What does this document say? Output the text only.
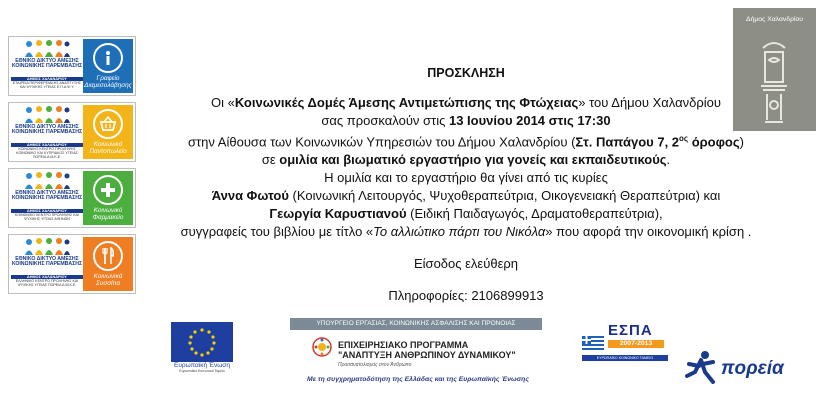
ΕΘΝΙΚΟ ΔΙΚΤΥΟ ΑΜΕΣΗΣ ΚΟΙΝΩΝΙΚΗΣ ΠΑΡΕΜΒΑΣΗΣ
ΔΗΜΟΣ ΧΑΛΑΝΔΡΙΟΥ
ΕΤΑΙΡΕΙΑ ΠΕΡΙΦΕΡΕΙΑΚΗΣ ΑΝΑΠΤΥΞΗΣ ΚΑΙ ΨΥΧΙΚΗΣ ΥΓΕΙΑΣ Ε.Π.Α.Ψ.Υ.
Γραφείο Διαμεσολάβησης
ΕΘΝΙΚΟ ΔΙΚΤΥΟ ΑΜΕΣΗΣ ΚΟΙΝΩΝΙΚΗΣ ΠΑΡΕΜΒΑΣΗΣ
ΔΗΜΟΣ ΧΑΛΑΝΔΡΙΟΥ
ΚΟΙΝΩΝΙΚΟ ΚΕΝΤΡΟ ΠΡΟΛΗΨΗΣ ΚΟΙΝΩΝΙΚΟ ΚΑΙ ΚΥΠΡΙΑΚΟΣ ΥΓΕΙΑΣ ΠΟΡΕΙΑ Α.Μ.Κ.Ε.
Κοινωνικό Παντοπωλείο
ΕΘΝΙΚΟ ΔΙΚΤΥΟ ΑΜΕΣΗΣ ΚΟΙΝΩΝΙΚΗΣ ΠΑΡΕΜΒΑΣΗΣ
ΔΗΜΟΣ ΧΑΛΑΝΔΡΙΟΥ
ΚΟΙΝΩΝΙΚΟ ΚΕΝΤΡΟ ΠΡΟΛΗΨΗΣ ΚΑΙ ΨΥΧΙΚΗΣ ΥΓΕΙΑΣ ΑΘΗΝΩΝ
Κοινωνικό Φαρμακείο
ΕΘΝΙΚΟ ΔΙΚΤΥΟ ΑΜΕΣΗΣ ΚΟΙΝΩΝΙΚΗΣ ΠΑΡΕΜΒΑΣΗΣ
ΔΗΜΟΣ ΧΑΛΑΝΔΡΙΟΥ
ΕΛΛΗΝΙΚΟ ΚΕΝΤΡΟ ΠΡΟΛΗΨΗΣ ΚΑΙ ΨΥΧΙΚΗΣ ΥΓΕΙΑΣ ΠΟΡΕΙΑ Α.Μ.Κ.Ε.
Κοινωνικά Συσσίτια
Δήμος Χαλανδρίου

ΠΡΟΣΚΛΗΣΗ

Οι «Κοινωνικές Δομές Άμεσης Αντιμετώπισης της Φτώχειας» του Δήμου Χαλανδρίου

σας προσκαλούν στις 13 Ιουνίου 2014 στις 17:30

στην Αίθουσα των Κοινωνικών Υπηρεσιών του Δήμου Χαλανδρίου (Στ. Παπάγου 7, $2^{o\varsigma}$ όροφος)

σε ομιλία και βιωματικό εργαστήριο για γονείς και εκπαιδευτικούς.

Η ομιλία και το εργαστήριο θα γίνει από τις κυρίες

Άννα Φωτού (Κοινωνική Λειτουργός, Ψυχοθεραπεύτρια, Οικογενειακή Θεραπεύτρια) και

Γεωργία Καρυστιανού (Ειδική Παιδαγωγός, Δραματοθεραπεύτρια),

συγγραφείς του βιβλίου με τίτλο «Το αλλιώτικο πάρτι του Νικόλα» που αφορά την οικονομική κρίση .

Είσοδος ελεύθερη

Πληροφορίες: 2106899913

Ευρωπαϊκή Ένωση
Ευρωπαϊκό Κοινωνικό Ταμείο
ΥΠΟΥΡΓΕΙΟ ΕΡΓΑΣΙΑΣ, ΚΟΙΝΩΝΙΚΗΣ ΑΣΦΑΛΙΣΗΣ ΚΑΙ ΠΡΟΝΟΙΑΣ
ΕΠΙΧΕΙΡΗΣΙΑΚΟ ΠΡΟΓΡΑΜΜΑ
"ΑΝΑΠΤΥΞΗ ΑΝΘΡΩΠΙΝΟΥ ΔΥΝΑΜΙΚΟΥ"
Προσανατολισμός στον Άνθρωπο
Με τη συγχρηματοδότηση της Ελλάδας και της Ευρωπαϊκής Ένωσης
ΕΣΠΑ
2007-2013
ΕΥΡΩΠΑΪΚΟ ΚΟΙΝΩΝΙΚΟ ΤΑΜΕΙΟ	πορεία
